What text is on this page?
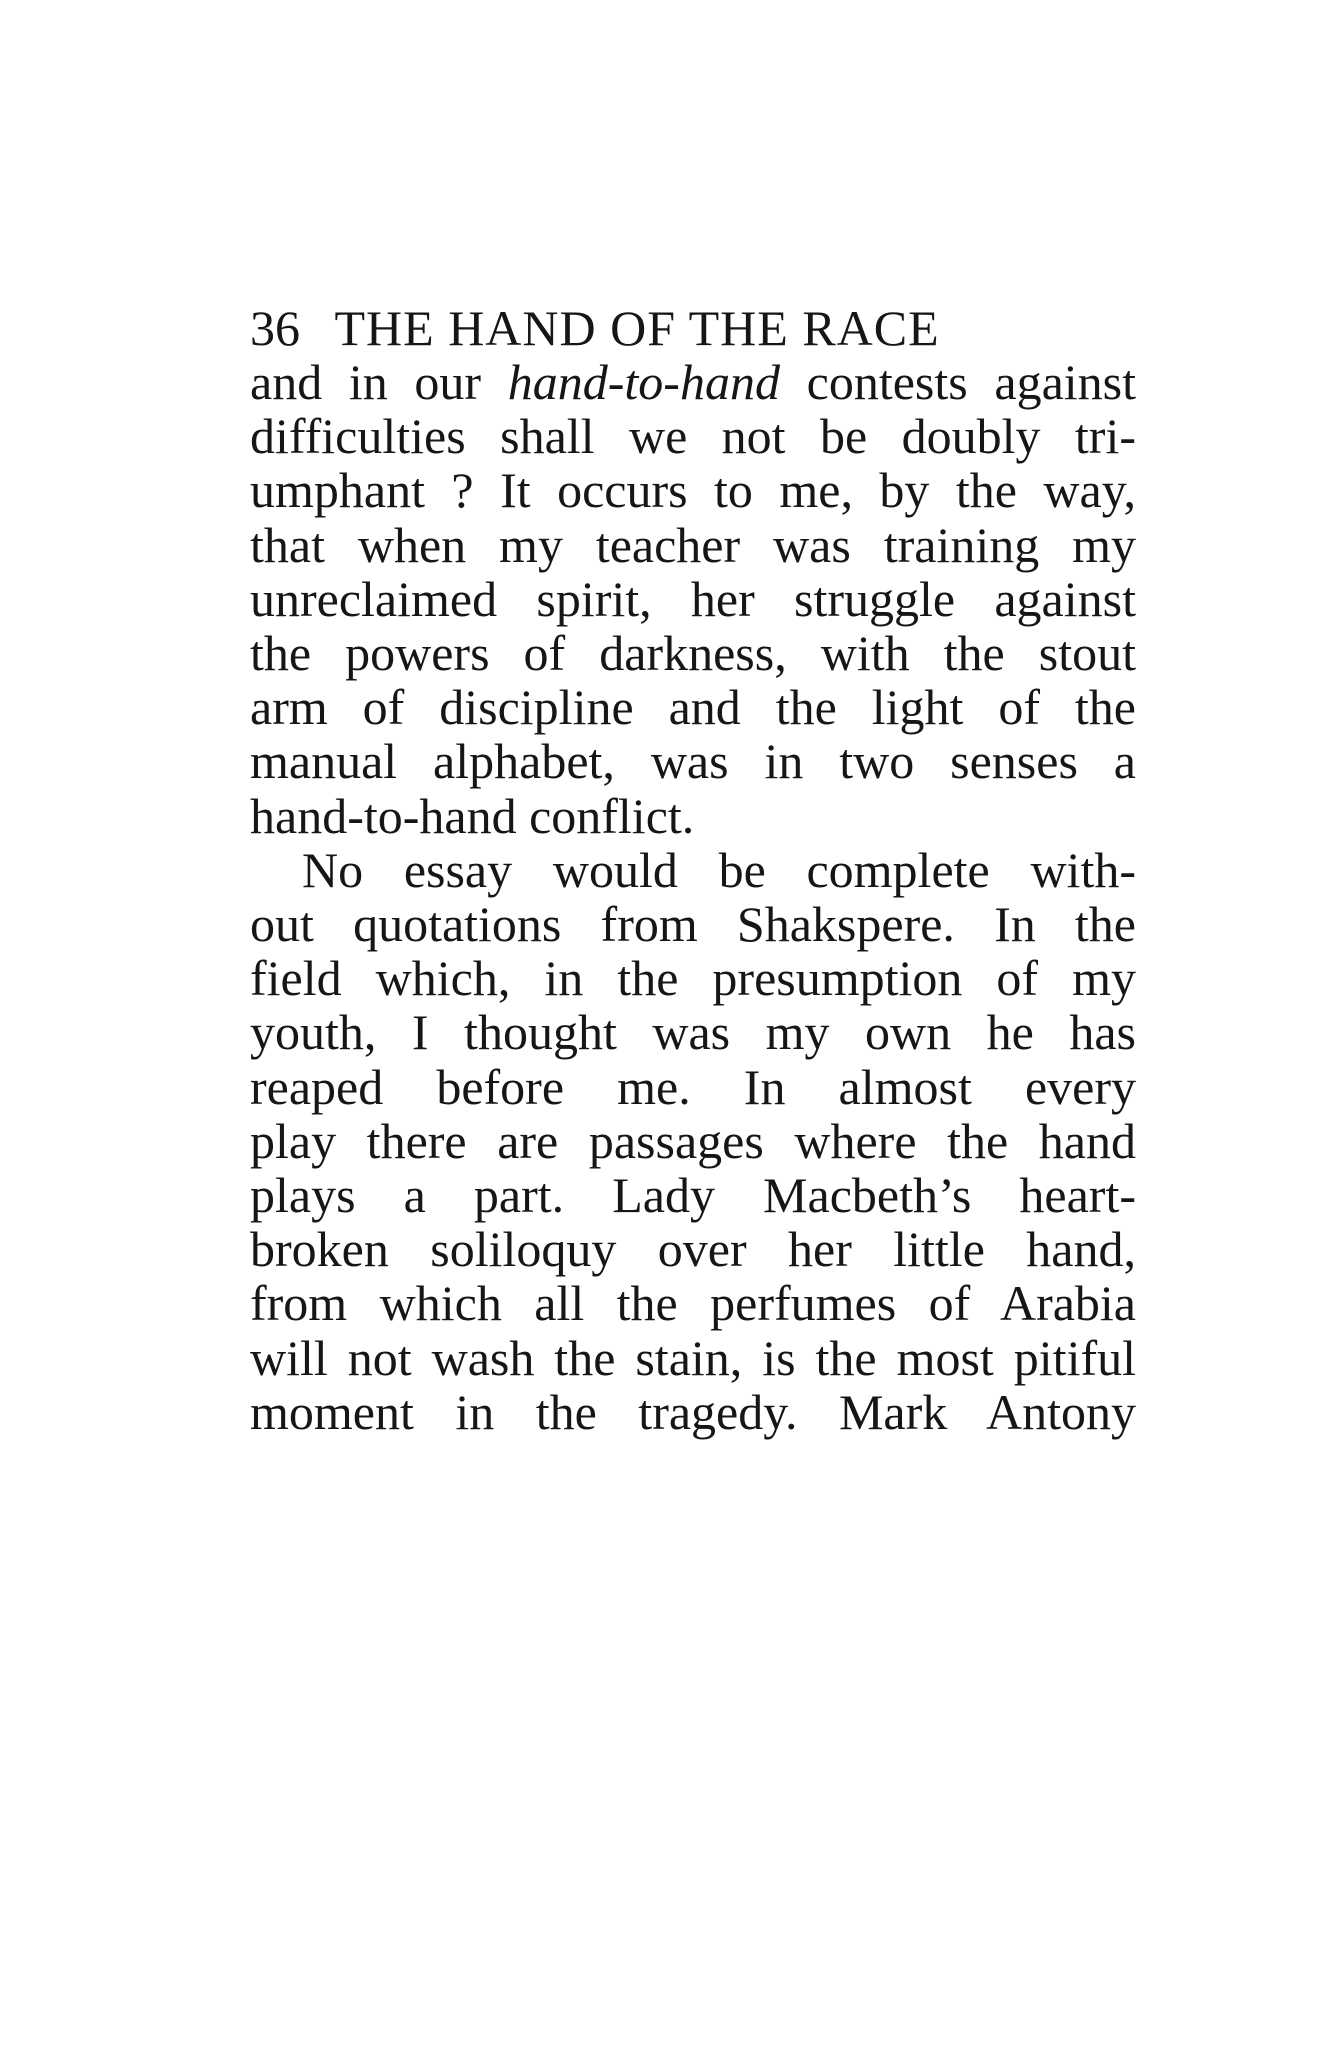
36 THE HAND OF THE RACE
and in our hand-to-hand contests against
difficulties shall we not be doubly tri-
umphant ? It occurs to me, by the way,
that when my teacher was training my
unreclaimed spirit, her struggle against
the powers of darkness, with the stout
arm of discipline and the light of the
manual alphabet, was in two senses a
hand-to-hand conflict.
No essay would be complete with-
out quotations from Shakspere. In the
field which, in the presumption of my
youth, I thought was my own he has
reaped before me. In almost every
play there are passages where the hand
plays a part. Lady Macbeth’s heart-
broken soliloquy over her little hand,
from which all the perfumes of Arabia
will not wash the stain, is the most pitiful
moment in the tragedy. Mark Antony
